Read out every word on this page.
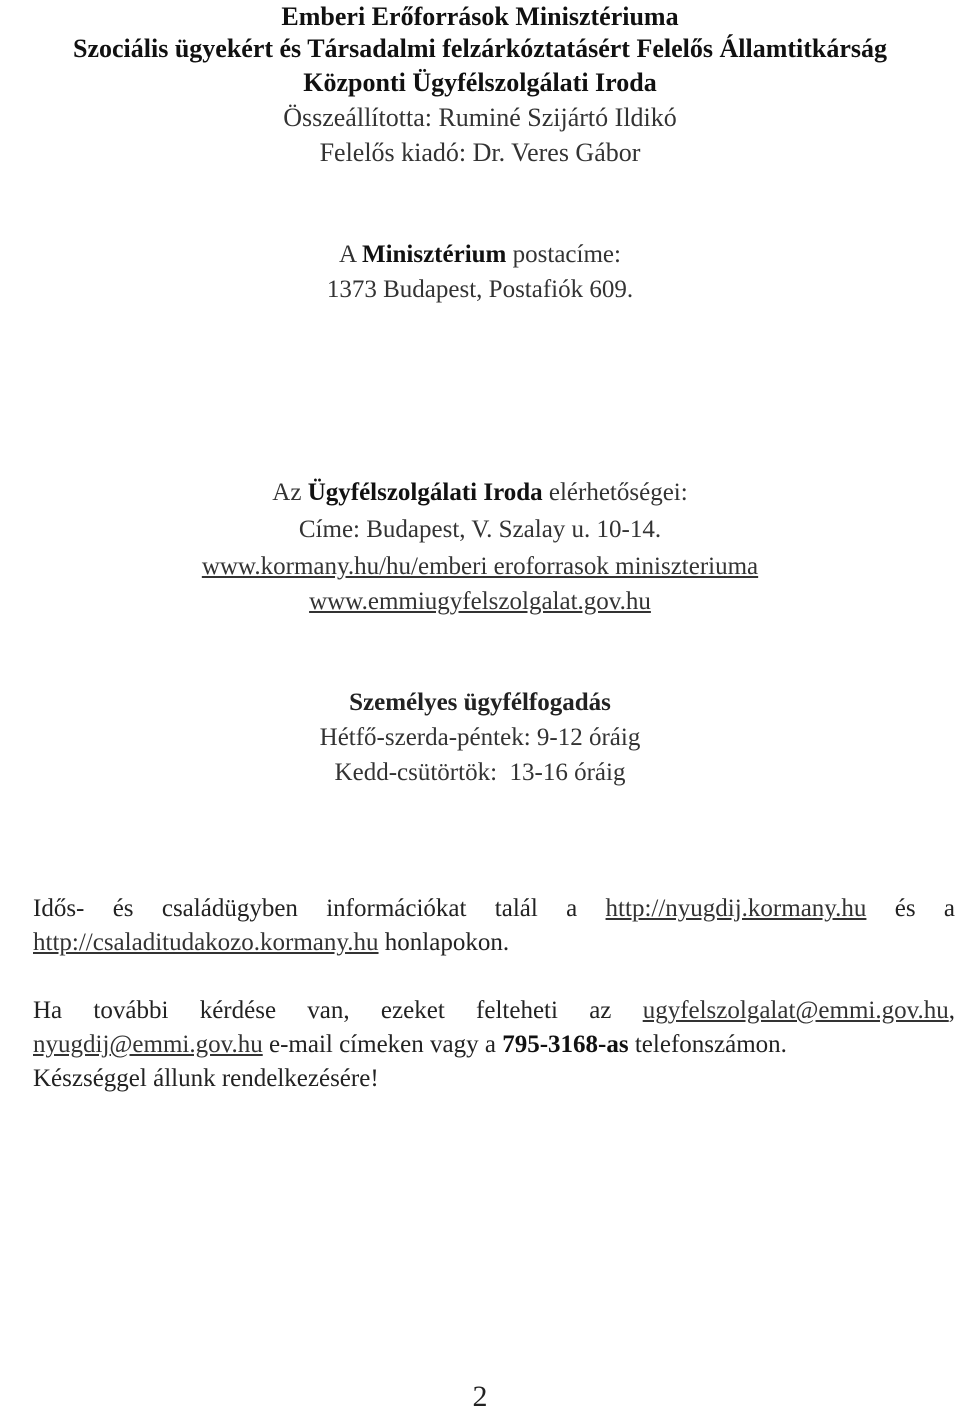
Emberi Erőforrások Minisztériuma
Szociális ügyekért és Társadalmi felzárkóztatásért Felelős Államtitkárság
Központi Ügyfélszolgálati Iroda
Összeállította: Ruminé Szijártó Ildikó
Felelős kiadó: Dr. Veres Gábor
A Minisztérium postacíme:
1373 Budapest, Postafiók 609.
Az Ügyfélszolgálati Iroda elérhetőségei:
Címe: Budapest, V. Szalay u. 10-14.
www.kormany.hu/hu/emberi eroforrasok miniszteriuma
www.emmiugyfelszolgalat.gov.hu
Személyes ügyfélfogadás
Hétfő-szerda-péntek: 9-12 óráig
Kedd-csütörtök:  13-16 óráig
Idős- és családügyben információkat talál a http://nyugdij.kormany.hu és a
http://csaladitudakozo.kormany.hu honlapokon.
Ha további kérdése van, ezeket felteheti az ugyfelszolgalat@emmi.gov.hu,
nyugdij@emmi.gov.hu e-mail címeken vagy a 795-3168-as telefonszámon.
Készséggel állunk rendelkezésére!
2
